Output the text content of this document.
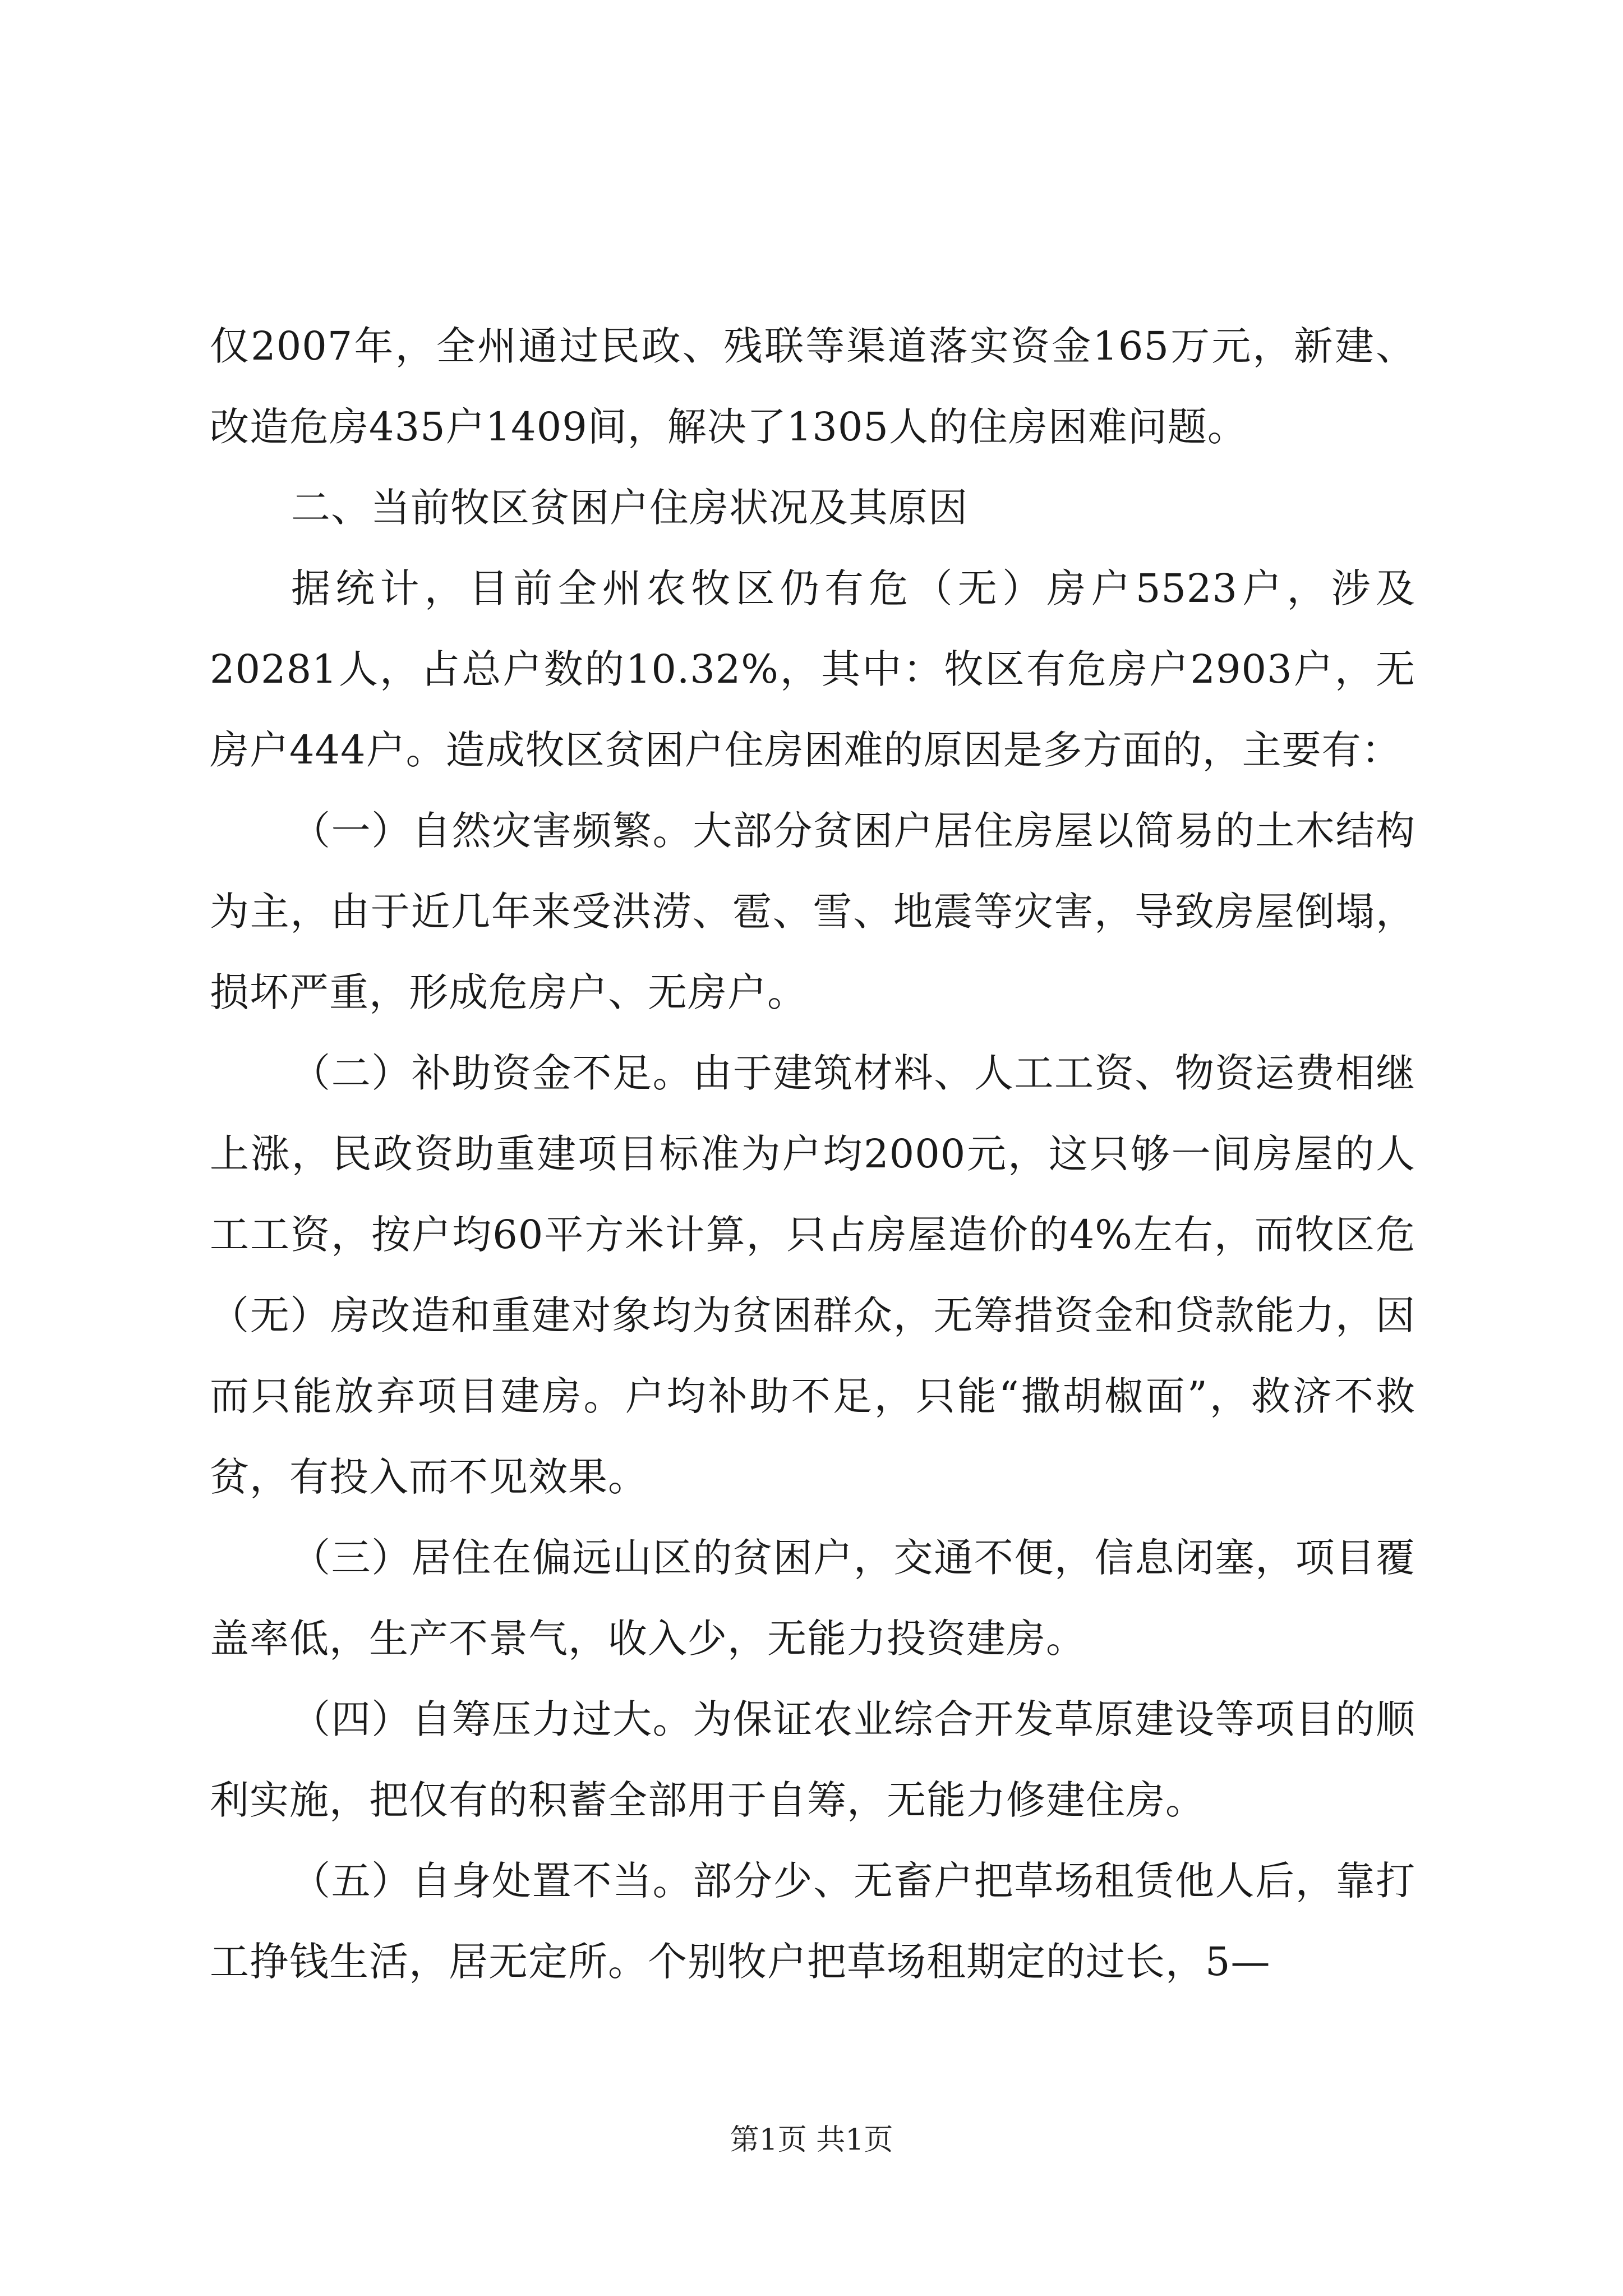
仅2007年，全州通过民政、残联等渠道落实资金165万元，新建、改造危房435户1409间，解决了1305人的住房困难问题。

二、当前牧区贫困户住房状况及其原因

据统计，目前全州农牧区仍有危（无）房户5523户，涉及20281人，占总户数的10.32%，其中：牧区有危房户2903户，无房户444户。造成牧区贫困户住房困难的原因是多方面的，主要有：

（一）自然灾害频繁。大部分贫困户居住房屋以简易的土木结构为主，由于近几年来受洪涝、雹、雪、地震等灾害，导致房屋倒塌，损坏严重，形成危房户、无房户。

（二）补助资金不足。由于建筑材料、人工工资、物资运费相继上涨，民政资助重建项目标准为户均2000元，这只够一间房屋的人工工资，按户均60平方米计算，只占房屋造价的4%左右，而牧区危（无）房改造和重建对象均为贫困群众，无筹措资金和贷款能力，因而只能放弃项目建房。户均补助不足，只能“撒胡椒面”，救济不救贫，有投入而不见效果。

（三）居住在偏远山区的贫困户，交通不便，信息闭塞，项目覆盖率低，生产不景气，收入少，无能力投资建房。

（四）自筹压力过大。为保证农业综合开发草原建设等项目的顺利实施，把仅有的积蓄全部用于自筹，无能力修建住房。

（五）自身处置不当。部分少、无畜户把草场租赁他人后，靠打工挣钱生活，居无定所。个别牧户把草场租期定的过长，5—

第1页 共1页
